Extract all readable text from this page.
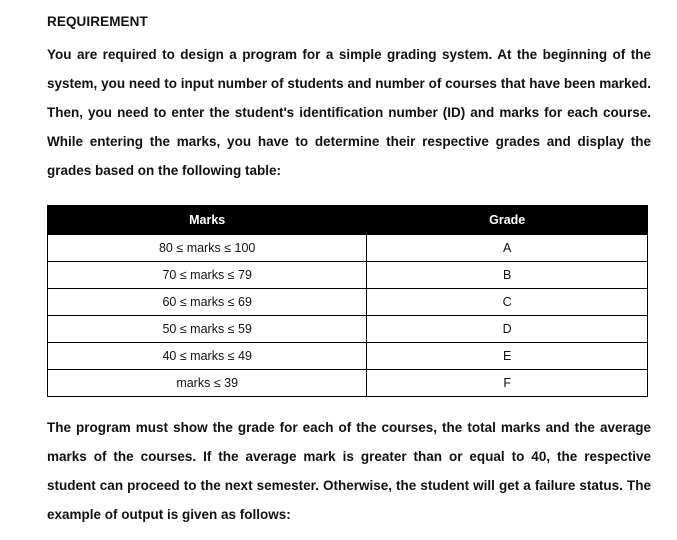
REQUIREMENT

You are required to design a program for a simple grading system. At the beginning of the system, you need to input number of students and number of courses that have been marked. Then, you need to enter the student's identification number (ID) and marks for each course. While entering the marks, you have to determine their respective grades and display the grades based on the following table:

Marks	Grade
80 ≤ marks ≤ 100	A
70 ≤ marks ≤ 79	B
60 ≤ marks ≤ 69	C
50 ≤ marks ≤ 59	D
40 ≤ marks ≤ 49	E
marks ≤ 39	F

The program must show the grade for each of the courses, the total marks and the average marks of the courses. If the average mark is greater than or equal to 40, the respective student can proceed to the next semester. Otherwise, the student will get a failure status. The example of output is given as follows:
